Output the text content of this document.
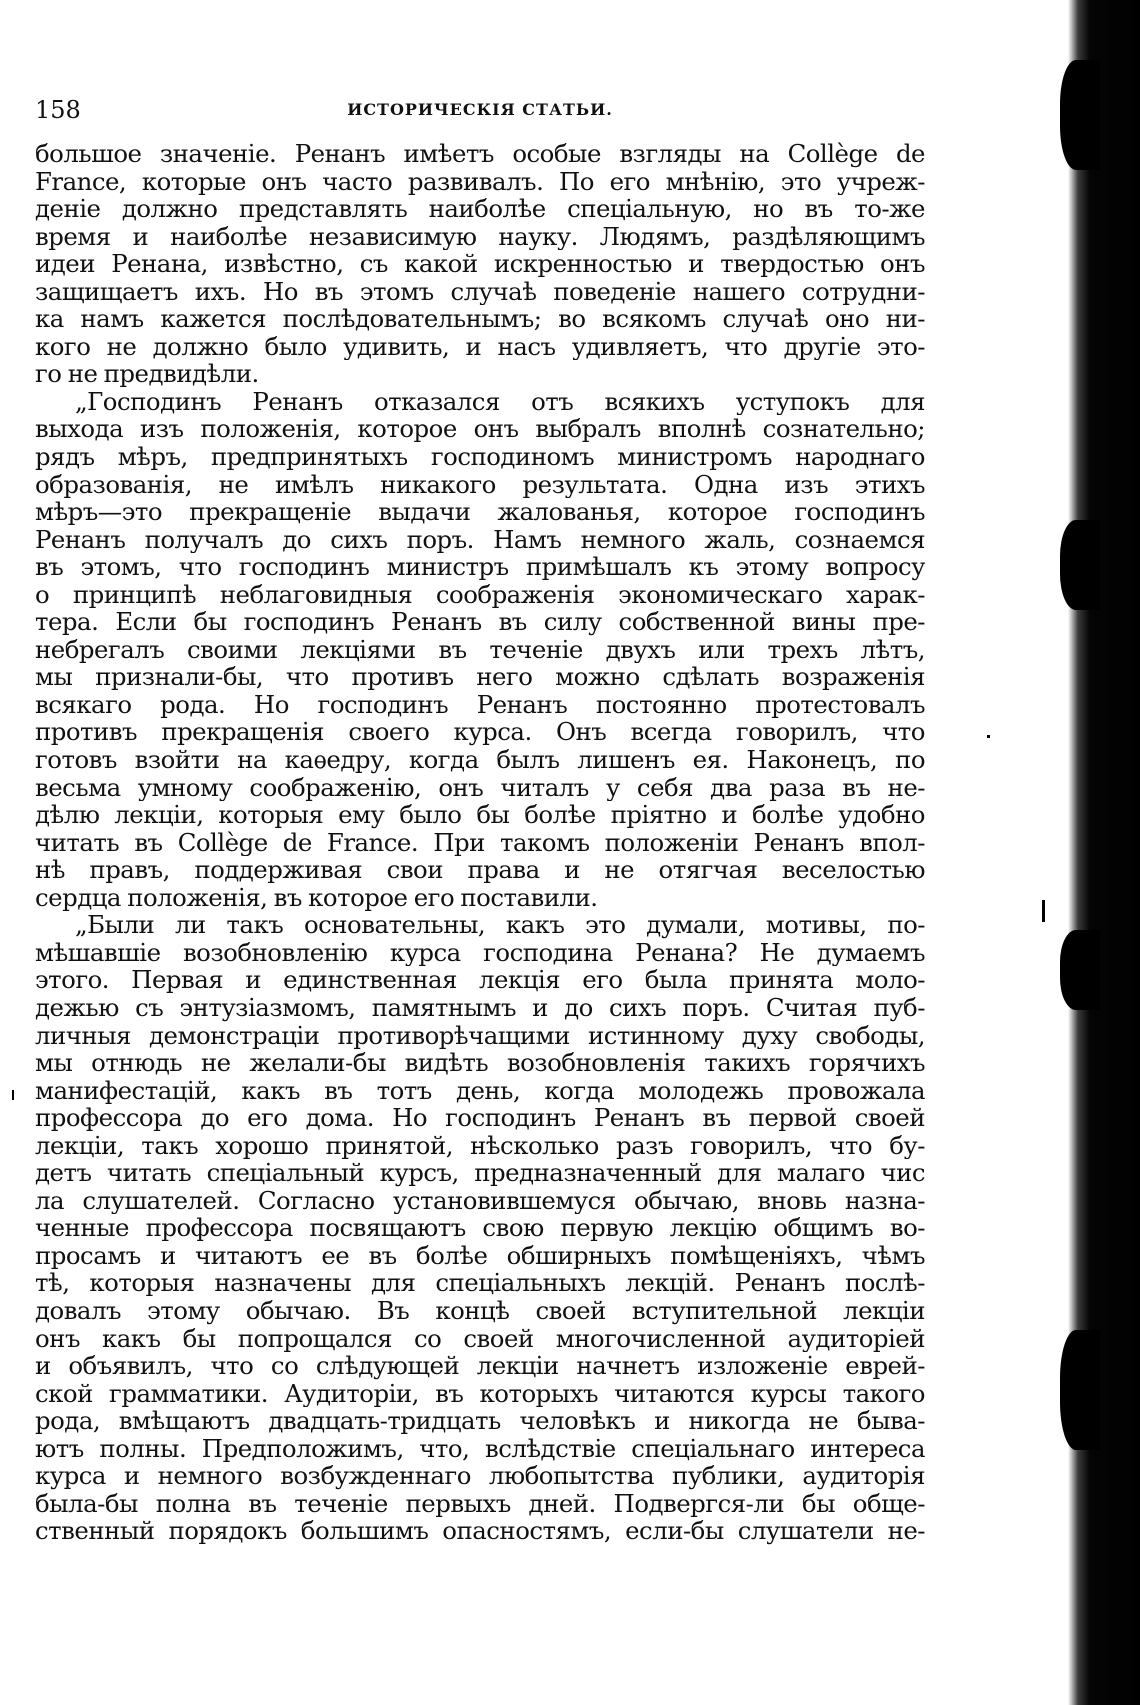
158	ИСТОРИЧЕСКІЯ СТАТЬИ.
большое значеніе. Ренанъ имѣетъ особые взгляды на Collège de
France, которые онъ часто развивалъ. По его мнѣнію, это учреж-
деніе должно представлять наиболѣе спеціальную, но въ то-же
время и наиболѣе независимую науку. Людямъ, раздѣляющимъ
идеи Ренана, извѣстно, съ какой искренностью и твердостью онъ
защищаетъ ихъ. Но въ этомъ случаѣ поведеніе нашего сотрудни-
ка намъ кажется послѣдовательнымъ; во всякомъ случаѣ оно ни-
кого не должно было удивить, и насъ удивляетъ, что другіе это-
го не предвидѣли.
„Господинъ Ренанъ отказался отъ всякихъ уступокъ для
выхода изъ положенія, которое онъ выбралъ вполнѣ сознательно;
рядъ мѣръ, предпринятыхъ господиномъ министромъ народнаго
образованія, не имѣлъ никакого результата. Одна изъ этихъ
мѣръ—это прекращеніе выдачи жалованья, которое господинъ
Ренанъ получалъ до сихъ поръ. Намъ немного жаль, сознаемся
въ этомъ, что господинъ министръ примѣшалъ къ этому вопросу
о принципѣ неблаговидныя соображенія экономическаго харак-
тера. Если бы господинъ Ренанъ въ силу собственной вины пре-
небрегалъ своими лекціями въ теченіе двухъ или трехъ лѣтъ,
мы признали-бы, что противъ него можно сдѣлать возраженія
всякаго рода. Но господинъ Ренанъ постоянно протестовалъ
противъ прекращенія своего курса. Онъ всегда говорилъ, что
готовъ взойти на каѳедру, когда былъ лишенъ ея. Наконецъ, по
весьма умному соображенію, онъ читалъ у себя два раза въ не-
дѣлю лекціи, которыя ему было бы болѣе пріятно и болѣе удобно
читать въ Collège de France. При такомъ положеніи Ренанъ впол-
нѣ правъ, поддерживая свои права и не отягчая веселостью
сердца положенія, въ которое его поставили.
„Были ли такъ основательны, какъ это думали, мотивы, по-
мѣшавшіе возобновленію курса господина Ренана? Не думаемъ
этого. Первая и единственная лекція его была принята моло-
дежью съ энтузіазмомъ, памятнымъ и до сихъ поръ. Считая пуб-
личныя демонстраціи противорѣчащими истинному духу свободы,
мы отнюдь не желали-бы видѣть возобновленія такихъ горячихъ
манифестацій, какъ въ тотъ день, когда молодежь провожала
профессора до его дома. Но господинъ Ренанъ въ первой своей
лекціи, такъ хорошо принятой, нѣсколько разъ говорилъ, что бу-
детъ читать спеціальный курсъ, предназначенный для малаго чис
ла слушателей. Согласно установившемуся обычаю, вновь назна-
ченные профессора посвящаютъ свою первую лекцію общимъ во-
просамъ и читаютъ ее въ болѣе обширныхъ помѣщеніяхъ, чѣмъ
тѣ, которыя назначены для спеціальныхъ лекцій. Ренанъ послѣ-
довалъ этому обычаю. Въ концѣ своей вступительной лекціи
онъ какъ бы попрощался со своей многочисленной аудиторіей
и объявилъ, что со слѣдующей лекціи начнетъ изложеніе еврей-
ской грамматики. Аудиторіи, въ которыхъ читаются курсы такого
рода, вмѣщаютъ двадцать-тридцать человѣкъ и никогда не быва-
ютъ полны. Предположимъ, что, вслѣдствіе спеціальнаго интереса
курса и немного возбужденнаго любопытства публики, аудиторія
была-бы полна въ теченіе первыхъ дней. Подвергся-ли бы обще-
ственный порядокъ большимъ опасностямъ, если-бы слушатели не-
